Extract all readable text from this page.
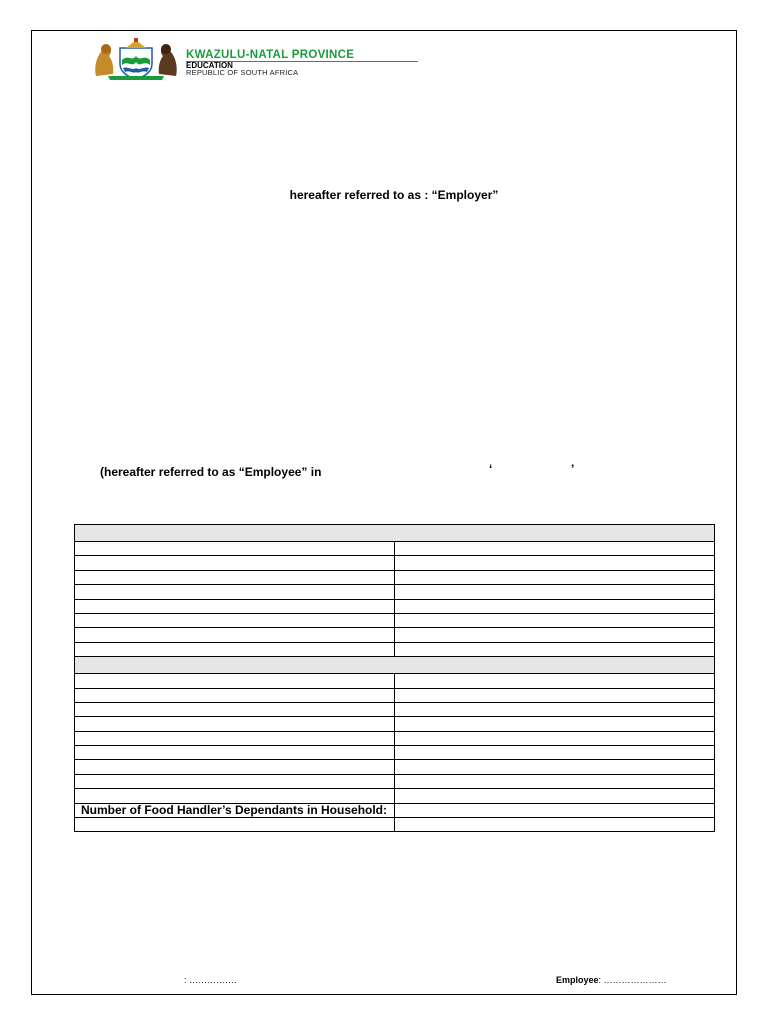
KWAZULU-NATAL PROVINCE
EDUCATION
REPUBLIC OF SOUTH AFRICA
hereafter referred to as : “Employer”
(hereafter referred to as “Employee” in	‘	’

Number of Food Handler’s Dependants in Household:	

: …………….	Employee: …………………
